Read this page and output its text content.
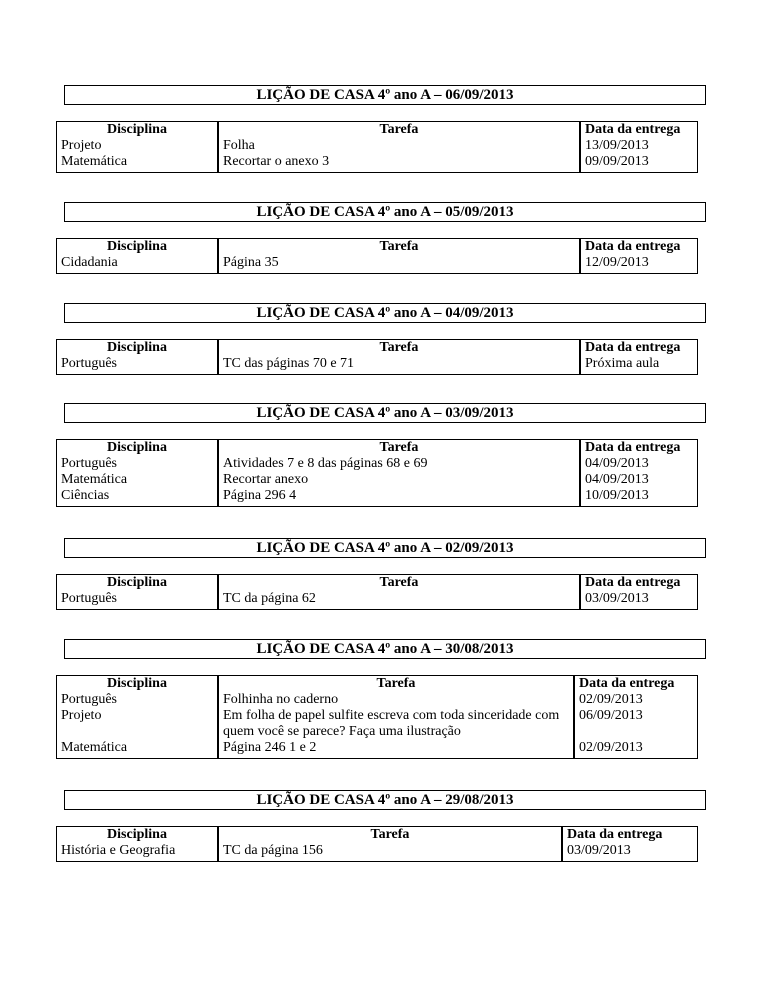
LIÇÃO DE CASA 4º ano A – 06/09/2013
Disciplina
Projeto
Matemática
Tarefa
Folha
Recortar o anexo 3
Data da entrega
13/09/2013
09/09/2013
LIÇÃO DE CASA 4º ano A – 05/09/2013
Disciplina
Cidadania
Tarefa
Página 35
Data da entrega
12/09/2013
LIÇÃO DE CASA 4º ano A – 04/09/2013
Disciplina
Português
Tarefa
TC das páginas 70 e 71
Data da entrega
Próxima aula
LIÇÃO DE CASA 4º ano A – 03/09/2013
Disciplina
Português
Matemática
Ciências
Tarefa
Atividades 7 e 8 das páginas 68 e 69
Recortar anexo
Página 296 4
Data da entrega
04/09/2013
04/09/2013
10/09/2013
LIÇÃO DE CASA 4º ano A – 02/09/2013
Disciplina
Português
Tarefa
TC da página 62
Data da entrega
03/09/2013
LIÇÃO DE CASA 4º ano A – 30/08/2013
Disciplina
Português
Projeto
Matemática
Tarefa
Folhinha no caderno
Em folha de papel sulfite escreva com toda sinceridade com quem você se parece? Faça uma ilustração
Página 246 1 e 2
Data da entrega
02/09/2013
06/09/2013
02/09/2013
LIÇÃO DE CASA 4º ano A – 29/08/2013
Disciplina
História e Geografia
Tarefa
TC da página 156
Data da entrega
03/09/2013
